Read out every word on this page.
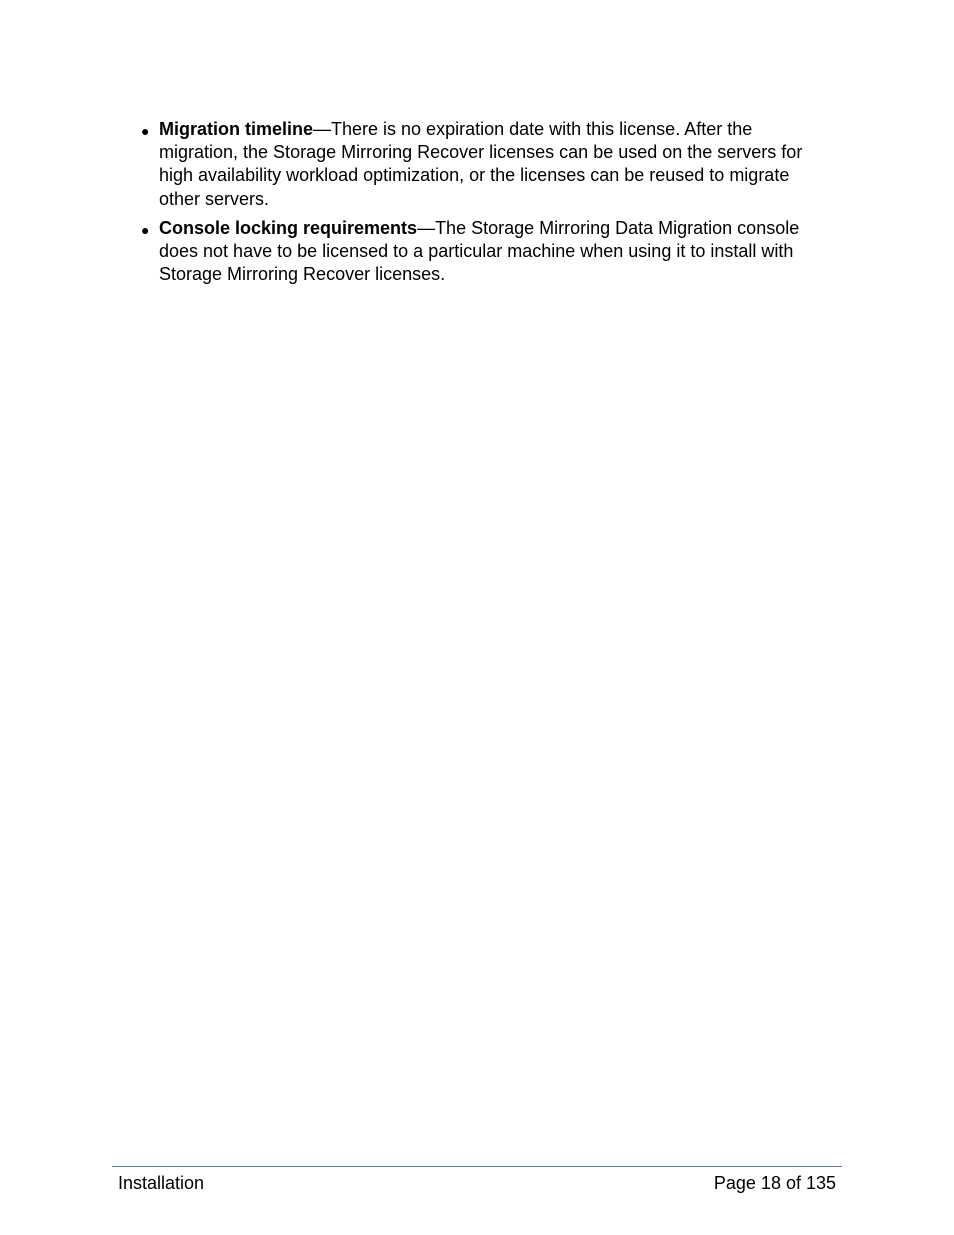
● Migration timeline—There is no expiration date with this license. After the migration, the Storage Mirroring Recover licenses can be used on the servers for high availability workload optimization, or the licenses can be reused to migrate other servers.
● Console locking requirements—The Storage Mirroring Data Migration console does not have to be licensed to a particular machine when using it to install with Storage Mirroring Recover licenses.
Installation	Page 18 of 135
